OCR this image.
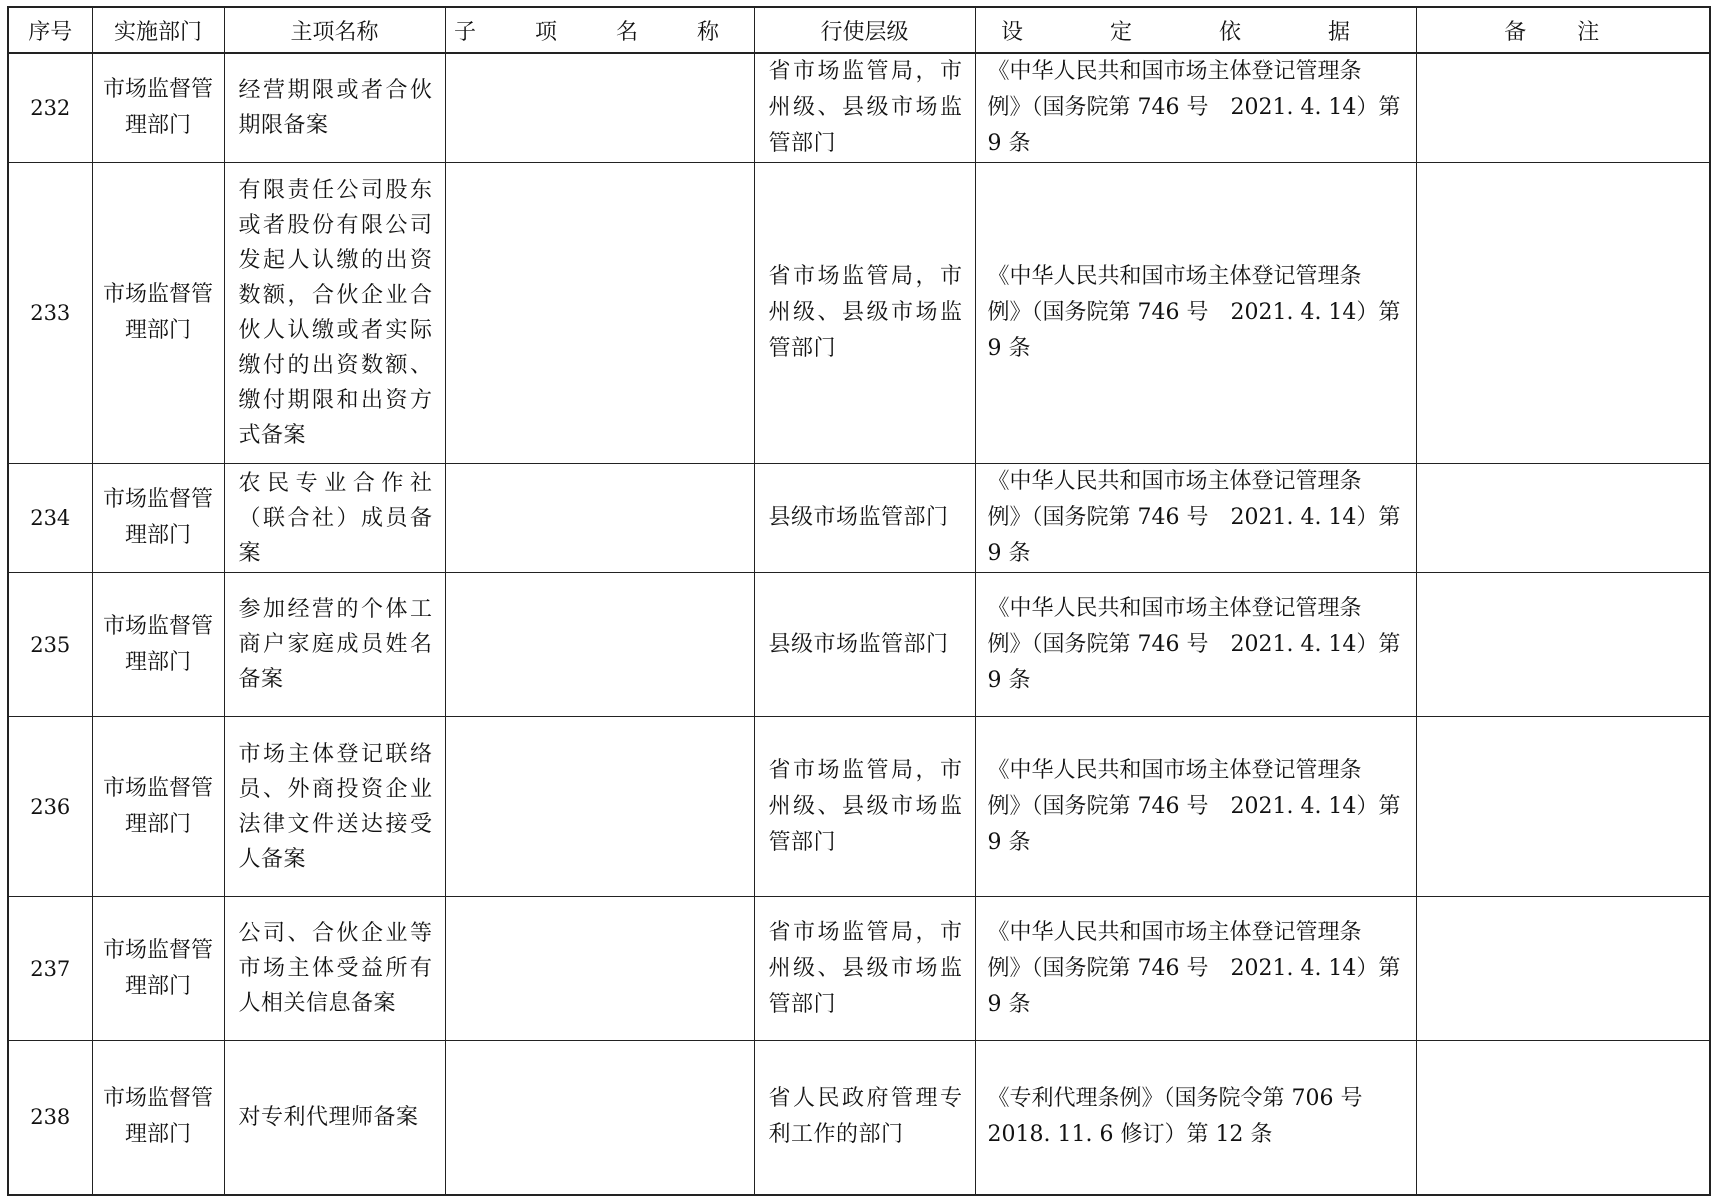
序号	实施部门	主项名称	子 项 名 称	行使层级	设 定 依 据	备 注
232	市场监督管理部门	经营期限或者合伙期限备案		省市场监管局，市州级、县级市场监管部门	《中华人民共和国市场主体登记管理条例》（国务院第 746 号　2021. 4. 14）第 9 条	
233	市场监督管理部门	有限责任公司股东或者股份有限公司发起人认缴的出资数额，合伙企业合伙人认缴或者实际缴付的出资数额、缴付期限和出资方式备案		省市场监管局，市州级、县级市场监管部门	《中华人民共和国市场主体登记管理条例》（国务院第 746 号　2021. 4. 14）第 9 条	
234	市场监督管理部门	农民专业合作社（联合社）成员备案		县级市场监管部门	《中华人民共和国市场主体登记管理条例》（国务院第 746 号　2021. 4. 14）第 9 条	
235	市场监督管理部门	参加经营的个体工商户家庭成员姓名备案		县级市场监管部门	《中华人民共和国市场主体登记管理条例》（国务院第 746 号　2021. 4. 14）第 9 条	
236	市场监督管理部门	市场主体登记联络员、外商投资企业法律文件送达接受人备案		省市场监管局，市州级、县级市场监管部门	《中华人民共和国市场主体登记管理条例》（国务院第 746 号　2021. 4. 14）第 9 条	
237	市场监督管理部门	公司、合伙企业等市场主体受益所有人相关信息备案		省市场监管局，市州级、县级市场监管部门	《中华人民共和国市场主体登记管理条例》（国务院第 746 号　2021. 4. 14）第 9 条	
238	市场监督管理部门	对专利代理师备案		省人民政府管理专利工作的部门	《专利代理条例》（国务院令第 706 号 2018. 11. 6 修订）第 12 条	
